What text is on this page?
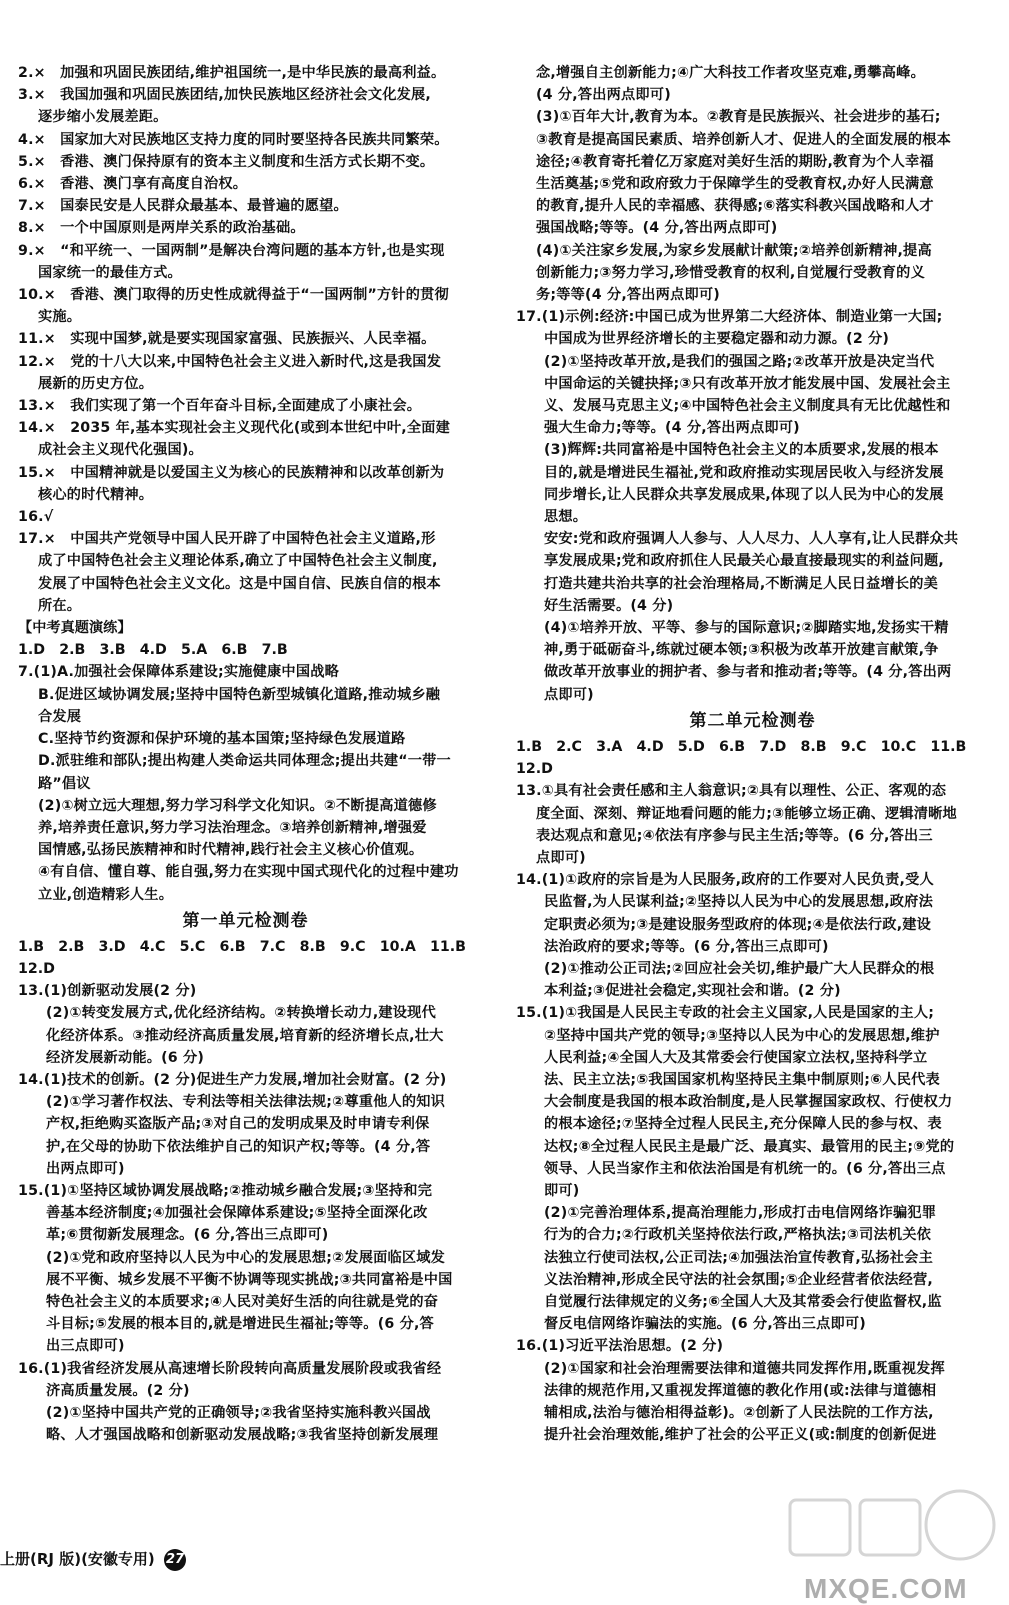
2.×　加强和巩固民族团结,维护祖国统一,是中华民族的最高利益。
3.×　我国加强和巩固民族团结,加快民族地区经济社会文化发展,
逐步缩小发展差距。
4.×　国家加大对民族地区支持力度的同时要坚持各民族共同繁荣。
5.×　香港、澳门保持原有的资本主义制度和生活方式长期不变。
6.×　香港、澳门享有高度自治权。
7.×　国泰民安是人民群众最基本、最普遍的愿望。
8.×　一个中国原则是两岸关系的政治基础。
9.×　“和平统一、一国两制”是解决台湾问题的基本方针,也是实现
国家统一的最佳方式。
10.×　香港、澳门取得的历史性成就得益于“一国两制”方针的贯彻
实施。
11.×　实现中国梦,就是要实现国家富强、民族振兴、人民幸福。
12.×　党的十八大以来,中国特色社会主义进入新时代,这是我国发
展新的历史方位。
13.×　我们实现了第一个百年奋斗目标,全面建成了小康社会。
14.×　2035 年,基本实现社会主义现代化(或到本世纪中叶,全面建
成社会主义现代化强国)。
15.×　中国精神就是以爱国主义为核心的民族精神和以改革创新为
核心的时代精神。
16.√
17.×　中国共产党领导中国人民开辟了中国特色社会主义道路,形
成了中国特色社会主义理论体系,确立了中国特色社会主义制度,
发展了中国特色社会主义文化。这是中国自信、民族自信的根本
所在。
【中考真题演练】
1.D　2.B　3.B　4.D　5.A　6.B　7.B
7.(1)A.加强社会保障体系建设;实施健康中国战略
B.促进区域协调发展;坚持中国特色新型城镇化道路,推动城乡融
合发展
C.坚持节约资源和保护环境的基本国策;坚持绿色发展道路
D.派驻维和部队;提出构建人类命运共同体理念;提出共建“一带一
路”倡议
(2)①树立远大理想,努力学习科学文化知识。②不断提高道德修
养,培养责任意识,努力学习法治理念。③培养创新精神,增强爱
国情感,弘扬民族精神和时代精神,践行社会主义核心价值观。
④有自信、懂自尊、能自强,努力在实现中国式现代化的过程中建功
立业,创造精彩人生。
第一单元检测卷
1.B　2.B　3.D　4.C　5.C　6.B　7.C　8.B　9.C　10.A　11.B
12.D
13.(1)创新驱动发展(2 分)
(2)①转变发展方式,优化经济结构。②转换增长动力,建设现代
化经济体系。③推动经济高质量发展,培育新的经济增长点,壮大
经济发展新动能。(6 分)
14.(1)技术的创新。(2 分)促进生产力发展,增加社会财富。(2 分)
(2)①学习著作权法、专利法等相关法律法规;②尊重他人的知识
产权,拒绝购买盗版产品;③对自己的发明成果及时申请专利保
护,在父母的协助下依法维护自己的知识产权;等等。(4 分,答
出两点即可)
15.(1)①坚持区域协调发展战略;②推动城乡融合发展;③坚持和完
善基本经济制度;④加强社会保障体系建设;⑤坚持全面深化改
革;⑥贯彻新发展理念。(6 分,答出三点即可)
(2)①党和政府坚持以人民为中心的发展思想;②发展面临区域发
展不平衡、城乡发展不平衡不协调等现实挑战;③共同富裕是中国
特色社会主义的本质要求;④人民对美好生活的向往就是党的奋
斗目标;⑤发展的根本目的,就是增进民生福祉;等等。(6 分,答
出三点即可)
16.(1)我省经济发展从高速增长阶段转向高质量发展阶段或我省经
济高质量发展。(2 分)
(2)①坚持中国共产党的正确领导;②我省坚持实施科教兴国战
略、人才强国战略和创新驱动发展战略;③我省坚持创新发展理
念,增强自主创新能力;④广大科技工作者攻坚克难,勇攀高峰。
(4 分,答出两点即可)
(3)①百年大计,教育为本。②教育是民族振兴、社会进步的基石;
③教育是提高国民素质、培养创新人才、促进人的全面发展的根本
途径;④教育寄托着亿万家庭对美好生活的期盼,教育为个人幸福
生活奠基;⑤党和政府致力于保障学生的受教育权,办好人民满意
的教育,提升人民的幸福感、获得感;⑥落实科教兴国战略和人才
强国战略;等等。(4 分,答出两点即可)
(4)①关注家乡发展,为家乡发展献计献策;②培养创新精神,提高
创新能力;③努力学习,珍惜受教育的权利,自觉履行受教育的义
务;等等(4 分,答出两点即可)
17.(1)示例:经济:中国已成为世界第二大经济体、制造业第一大国;
中国成为世界经济增长的主要稳定器和动力源。(2 分)
(2)①坚持改革开放,是我们的强国之路;②改革开放是决定当代
中国命运的关键抉择;③只有改革开放才能发展中国、发展社会主
义、发展马克思主义;④中国特色社会主义制度具有无比优越性和
强大生命力;等等。(4 分,答出两点即可)
(3)辉辉:共同富裕是中国特色社会主义的本质要求,发展的根本
目的,就是增进民生福祉,党和政府推动实现居民收入与经济发展
同步增长,让人民群众共享发展成果,体现了以人民为中心的发展
思想。
安安:党和政府强调人人参与、人人尽力、人人享有,让人民群众共
享发展成果;党和政府抓住人民最关心最直接最现实的利益问题,
打造共建共治共享的社会治理格局,不断满足人民日益增长的美
好生活需要。(4 分)
(4)①培养开放、平等、参与的国际意识;②脚踏实地,发扬实干精
神,勇于砥砺奋斗,练就过硬本领;③积极为改革开放建言献策,争
做改革开放事业的拥护者、参与者和推动者;等等。(4 分,答出两
点即可)
第二单元检测卷
1.B　2.C　3.A　4.D　5.D　6.B　7.D　8.B　9.C　10.C　11.B
12.D
13.①具有社会责任感和主人翁意识;②具有以理性、公正、客观的态
度全面、深刻、辩证地看问题的能力;③能够立场正确、逻辑清晰地
表达观点和意见;④依法有序参与民主生活;等等。(6 分,答出三
点即可)
14.(1)①政府的宗旨是为人民服务,政府的工作要对人民负责,受人
民监督,为人民谋利益;②坚持以人民为中心的发展思想,政府法
定职责必须为;③是建设服务型政府的体现;④是依法行政,建设
法治政府的要求;等等。(6 分,答出三点即可)
(2)①推动公正司法;②回应社会关切,维护最广大人民群众的根
本利益;③促进社会稳定,实现社会和谐。(2 分)
15.(1)①我国是人民民主专政的社会主义国家,人民是国家的主人;
②坚持中国共产党的领导;③坚持以人民为中心的发展思想,维护
人民利益;④全国人大及其常委会行使国家立法权,坚持科学立
法、民主立法;⑤我国国家机构坚持民主集中制原则;⑥人民代表
大会制度是我国的根本政治制度,是人民掌握国家政权、行使权力
的根本途径;⑦坚持全过程人民民主,充分保障人民的参与权、表
达权;⑧全过程人民民主是最广泛、最真实、最管用的民主;⑨党的
领导、人民当家作主和依法治国是有机统一的。(6 分,答出三点
即可)
(2)①完善治理体系,提高治理能力,形成打击电信网络诈骗犯罪
行为的合力;②行政机关坚持依法行政,严格执法;③司法机关依
法独立行使司法权,公正司法;④加强法治宣传教育,弘扬社会主
义法治精神,形成全民守法的社会氛围;⑤企业经营者依法经营,
自觉履行法律规定的义务;⑥全国人大及其常委会行使监督权,监
督反电信网络诈骗法的实施。(6 分,答出三点即可)
16.(1)习近平法治思想。(2 分)
(2)①国家和社会治理需要法律和道德共同发挥作用,既重视发挥
法律的规范作用,又重视发挥道德的教化作用(或:法律与道德相
辅相成,法治与德治相得益彰)。②创新了人民法院的工作方法,
提升社会治理效能,维护了社会的公平正义(或:制度的创新促进
上册(RJ 版)(安徽专用) 27
MXQE.COM
